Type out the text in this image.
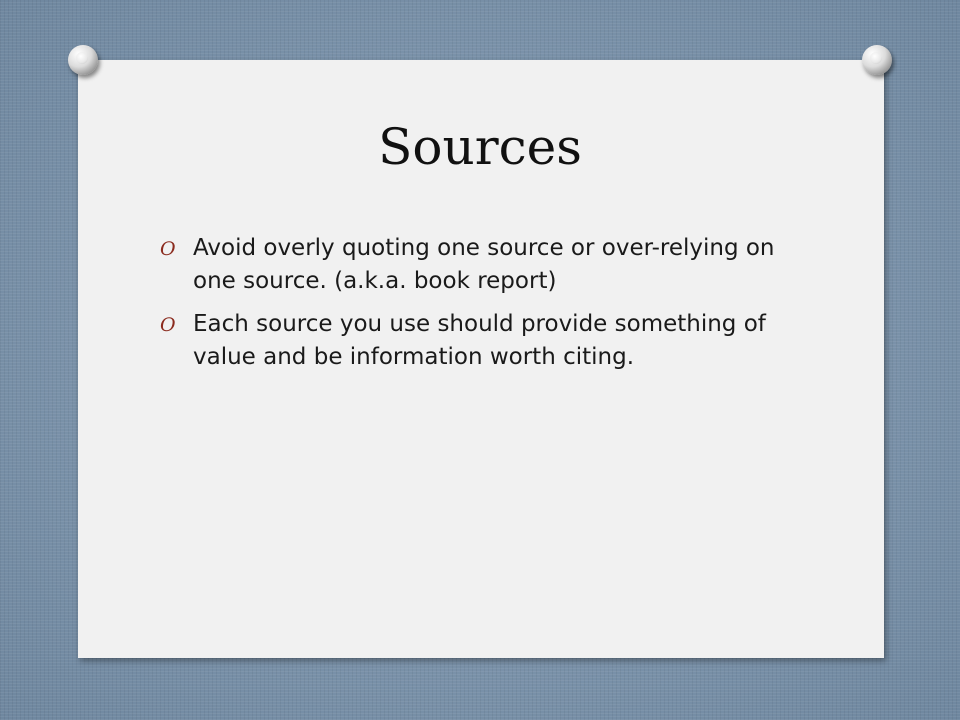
Sources
O Avoid overly quoting one source or over-relying on one source. (a.k.a. book report)
O Each source you use should provide something of value and be information worth citing.
